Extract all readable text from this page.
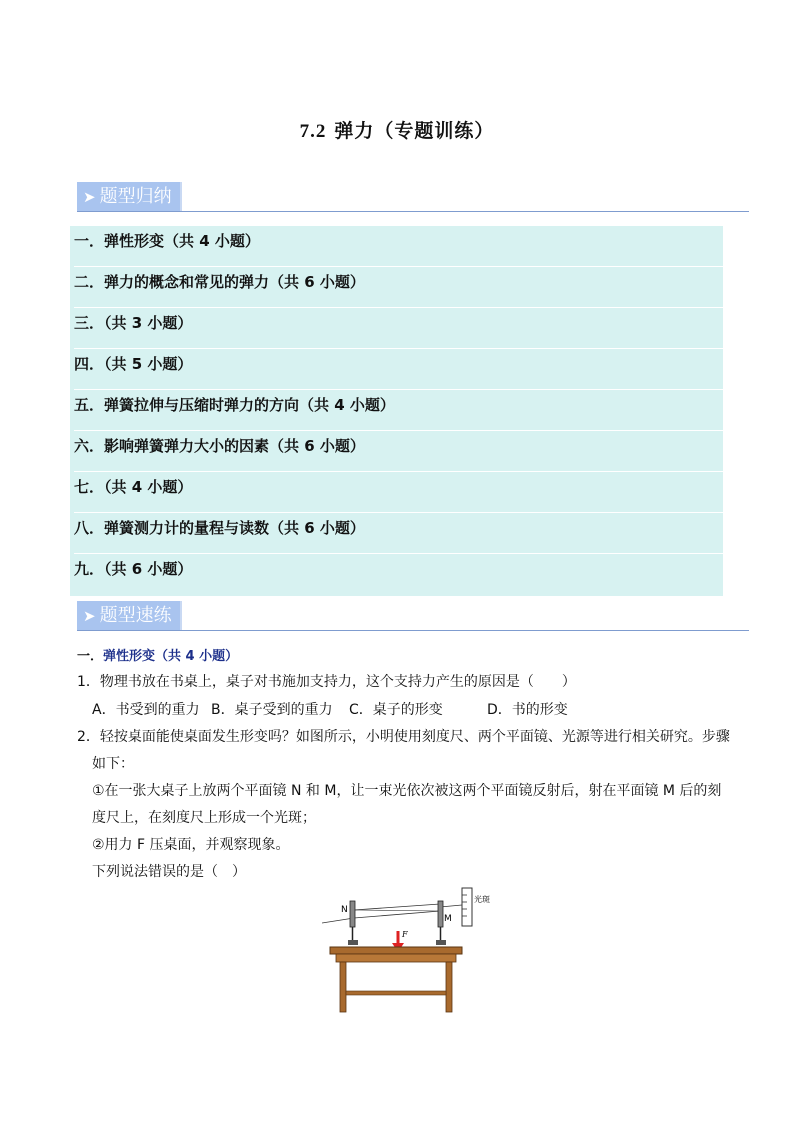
7.2 弹力（专题训练）
➤ 题型归纳
一．弹性形变（共 4 小题）
二．弹力的概念和常见的弹力（共 6 小题）
三．（共 3 小题）
四．（共 5 小题）
五．弹簧拉伸与压缩时弹力的方向（共 4 小题）
六．影响弹簧弹力大小的因素（共 6 小题）
七．（共 4 小题）
八．弹簧测力计的量程与读数（共 6 小题）
九．（共 6 小题）
➤ 题型速练
一．弹性形变（共 4 小题）
1．物理书放在书桌上，桌子对书施加支持力，这个支持力产生的原因是（　　）
A．书受到的重力 B．桌子受到的重力 C．桌子的形变	D．书的形变
2．轻按桌面能使桌面发生形变吗？如图所示，小明使用刻度尺、两个平面镜、光源等进行相关研究。步骤
如下：
①在一张大桌子上放两个平面镜 N 和 M，让一束光依次被这两个平面镜反射后，射在平面镜 M 后的刻
度尺上，在刻度尺上形成一个光斑；
②用力 F 压桌面，并观察现象。
下列说法错误的是（　）
光斑
N
M
F
